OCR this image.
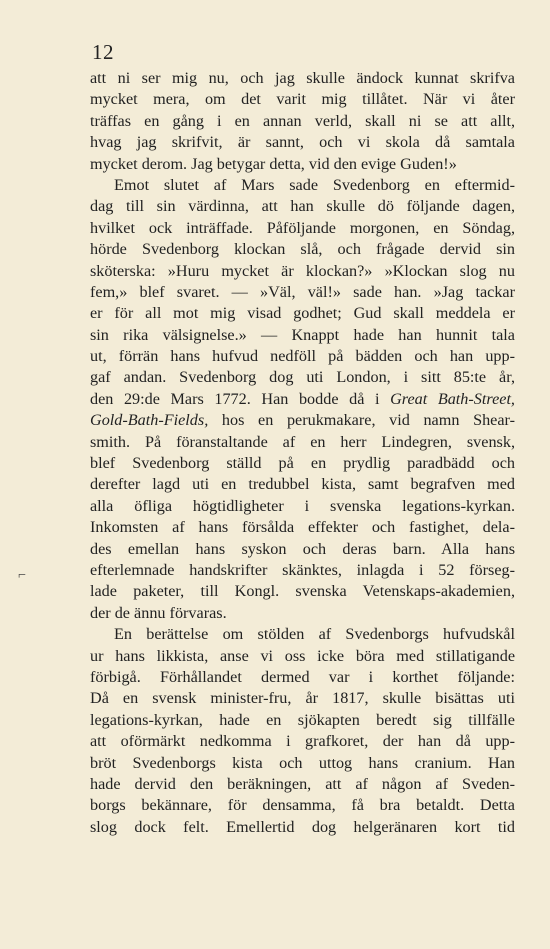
12
⌐
att ni ser mig nu, och jag skulle ändock kunnat skrifva
mycket mera, om det varit mig tillåtet. När vi åter
träffas en gång i en annan verld, skall ni se att allt,
hvag jag skrifvit, är sannt, och vi skola då samtala
mycket derom. Jag betygar detta, vid den evige Guden!»
Emot slutet af Mars sade Svedenborg en eftermid-
dag till sin värdinna, att han skulle dö följande dagen,
hvilket ock inträffade. Påföljande morgonen, en Söndag,
hörde Svedenborg klockan slå, och frågade dervid sin
sköterska: »Huru mycket är klockan?» »Klockan slog nu
fem,» blef svaret. — »Väl, väl!» sade han. »Jag tackar
er för all mot mig visad godhet; Gud skall meddela er
sin rika välsignelse.» — Knappt hade han hunnit tala
ut, förrän hans hufvud nedföll på bädden och han upp-
gaf andan. Svedenborg dog uti London, i sitt 85:te år,
den 29:de Mars 1772. Han bodde då i Great Bath-Street,
Gold-Bath-Fields, hos en perukmakare, vid namn Shear-
smith. På föranstaltande af en herr Lindegren, svensk,
blef Svedenborg ställd på en prydlig paradbädd och
derefter lagd uti en tredubbel kista, samt begrafven med
alla öfliga högtidligheter i svenska legations-kyrkan.
Inkomsten af hans försålda effekter och fastighet, dela-
des emellan hans syskon och deras barn. Alla hans
efterlemnade handskrifter skänktes, inlagda i 52 förseg-
lade paketer, till Kongl. svenska Vetenskaps-akademien,
der de ännu förvaras.
En berättelse om stölden af Svedenborgs hufvudskål
ur hans likkista, anse vi oss icke böra med stillatigande
förbigå. Förhållandet dermed var i korthet följande:
Då en svensk minister-fru, år 1817, skulle bisättas uti
legations-kyrkan, hade en sjökapten beredt sig tillfälle
att oförmärkt nedkomma i grafkoret, der han då upp-
bröt Svedenborgs kista och uttog hans cranium. Han
hade dervid den beräkningen, att af någon af Sveden-
borgs bekännare, för densamma, få bra betaldt. Detta
slog dock felt. Emellertid dog helgeränaren kort tid
